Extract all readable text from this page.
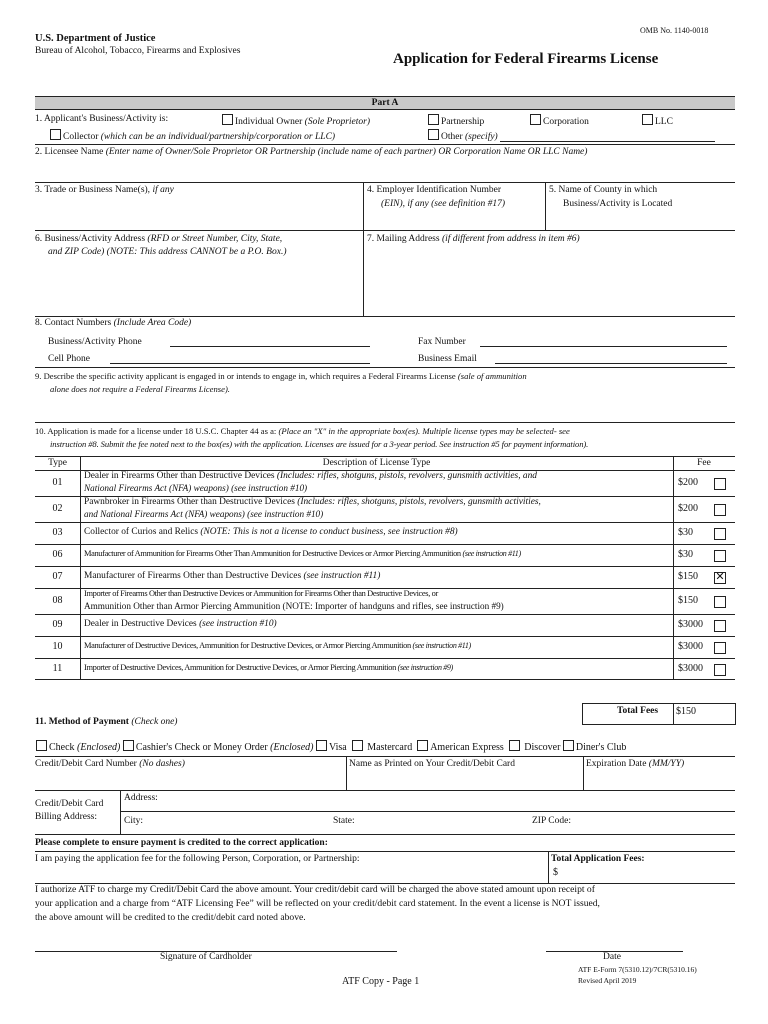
OMB No. 1140-0018
U.S. Department of Justice
Bureau of Alcohol, Tobacco, Firearms and Explosives	Application for Federal Firearms License
Part A
1. Applicant's Business/Activity is:	Individual Owner (Sole Proprietor)	Partnership	Corporation	LLC
Collector (which can be an individual/partnership/corporation or LLC)	Other (specify)
2. Licensee Name (Enter name of Owner/Sole Proprietor OR Partnership (include name of each partner) OR Corporation Name OR LLC Name)
3. Trade or Business Name(s), if any	4. Employer Identification Number
(EIN), if any (see definition #17)
5. Name of County in which
Business/Activity is Located
6. Business/Activity Address (RFD or Street Number, City, State,
and ZIP Code) (NOTE: This address CANNOT be a P.O. Box.)
7. Mailing Address (if different from address in item #6)
8. Contact Numbers (Include Area Code)
Business/Activity Phone	Fax Number
Cell Phone	Business Email
9. Describe the specific activity applicant is engaged in or intends to engage in, which requires a Federal Firearms License (sale of ammunition
alone does not require a Federal Firearms License).
10. Application is made for a license under 18 U.S.C. Chapter 44 as a: (Place an "X" in the appropriate box(es). Multiple license types may be selected- see
instruction #8. Submit the fee noted next to the box(es) with the application. Licenses are issued for a 3-year period. See instruction #5 for payment information).
Type	Description of License Type	Fee
01
Dealer in Firearms Other than Destructive Devices (Includes: rifles, shotguns, pistols, revolvers, gunsmith activities, and
National Firearms Act (NFA) weapons) (see instruction #10)	$200
02
Pawnbroker in Firearms Other than Destructive Devices (Includes: rifles, shotguns, pistols, revolvers, gunsmith activities,
and National Firearms Act (NFA) weapons) (see instruction #10)	$200
03	Collector of Curios and Relics (NOTE: This is not a license to conduct business, see instruction #8)	$30
06	Manufacturer of Ammunition for Firearms Other Than Ammunition for Destructive Devices or Armor Piercing Ammunition (see instruction #11)	$30
07	Manufacturer of Firearms Other than Destructive Devices (see instruction #11)	$150 ✕
08
Importer of Firearms Other than Destructive Devices or Ammunition for Firearms Other than Destructive Devices, or
Ammunition Other than Armor Piercing Ammunition (NOTE: Importer of handguns and rifles, see instruction #9)	$150
09	Dealer in Destructive Devices (see instruction #10)	$3000
10	Manufacturer of Destructive Devices, Ammunition for Destructive Devices, or Armor Piercing Ammunition (see instruction #11)	$3000
11	Importer of Destructive Devices, Ammunition for Destructive Devices, or Armor Piercing Ammunition (see instruction #9)	$3000
Total Fees $150
11. Method of Payment (Check one)
Check (Enclosed) Cashier's Check or Money Order (Enclosed) Visa Mastercard American Express Discover Diner's Club
Credit/Debit Card Number (No dashes)	Name as Printed on Your Credit/Debit Card	Expiration Date (MM/YY)
Credit/Debit Card
Billing Address:
Address:
City:	State:	ZIP Code:
Please complete to ensure payment is credited to the correct application:
I am paying the application fee for the following Person, Corporation, or Partnership:	Total Application Fees:
$
I authorize ATF to charge my Credit/Debit Card the above amount. Your credit/debit card will be charged the above stated amount upon receipt of
your application and a charge from “ATF Licensing Fee” will be reflected on your credit/debit card statement. In the event a license is NOT issued,
the above amount will be credited to the credit/debit card noted above.
Signature of Cardholder	Date
ATF E-Form 7(5310.12)/7CR(5310.16)
Revised April 2019
ATF Copy - Page 1
